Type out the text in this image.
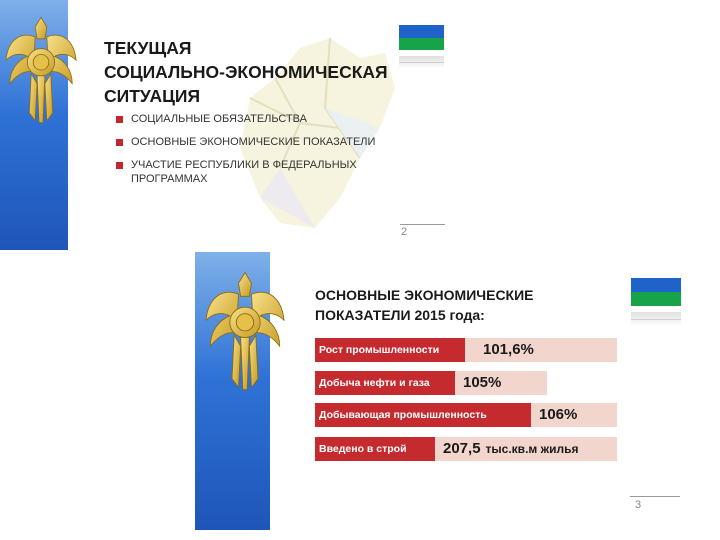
ТЕКУЩАЯ
СОЦИАЛЬНО-ЭКОНОМИЧЕСКАЯ
СИТУАЦИЯ
СОЦИАЛЬНЫЕ ОБЯЗАТЕЛЬСТВА
ОСНОВНЫЕ ЭКОНОМИЧЕСКИЕ ПОКАЗАТЕЛИ
УЧАСТИЕ РЕСПУБЛИКИ В ФЕДЕРАЛЬНЫХ ПРОГРАММАХ
2
ОСНОВНЫЕ ЭКОНОМИЧЕСКИЕ
ПОКАЗАТЕЛИ 2015 года:
Рост промышленности	101,6%
Добыча нефти и газа	105%
Добывающая промышленность	106%
Введено в строй	207,5 тыс.кв.м жилья
3
